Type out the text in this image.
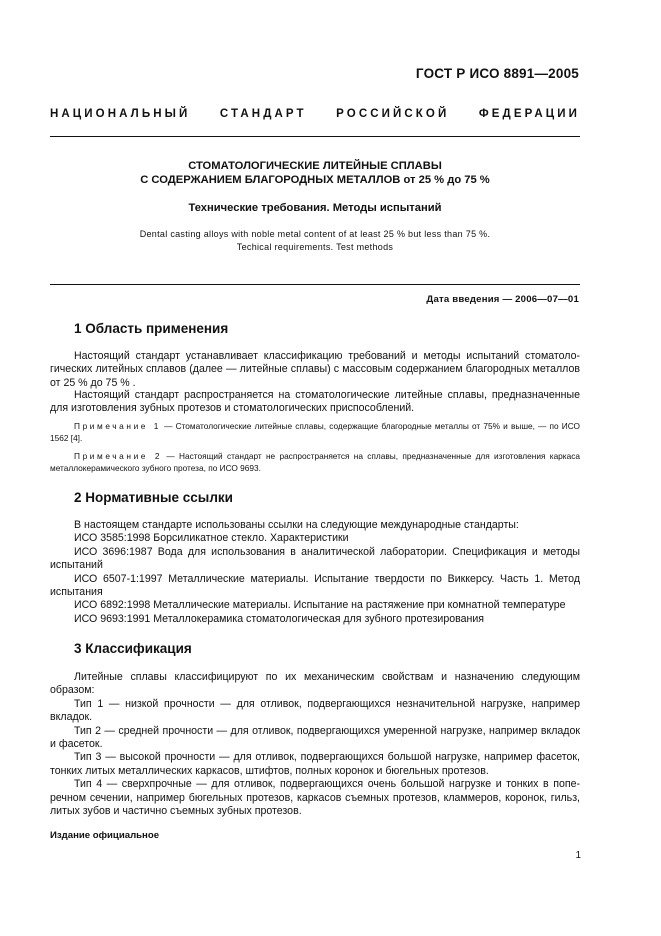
ГОСТ Р ИСО 8891—2005
НАЦИОНАЛЬНЫЙ СТАНДАРТ РОССИЙСКОЙ ФЕДЕРАЦИИ
СТОМАТОЛОГИЧЕСКИЕ ЛИТЕЙНЫЕ СПЛАВЫ
С СОДЕРЖАНИЕМ БЛАГОРОДНЫХ МЕТАЛЛОВ от 25 % до 75 %
Технические требования. Методы испытаний
Dental casting alloys with noble metal content of at least 25 % but less than 75 %.
Techical requirements. Test methods
Дата введения — 2006—07—01
1 Область применения

Настоящий стандарт устанавливает классификацию требований и методы испытаний стоматологических литейных сплавов (далее — литейные сплавы) с массовым содержанием благородных металлов от 25 % до 75 % .

Настоящий стандарт распространяется на стоматологические литейные сплавы, предназначенные для изготовления зубных протезов и стоматологических приспособлений.

Примечание 1 — Стоматологические литейные сплавы, содержащие благородные металлы от 75% и выше, — по ИСО 1562 [4].

Примечание 2 — Настоящий стандарт не распространяется на сплавы, предназначенные для изготовления каркаса металлокерамического зубного протеза, по ИСО 9693.

2 Нормативные ссылки
В настоящем стандарте использованы ссылки на следующие международные стандарты:
ИСО 3585:1998 Борсиликатное стекло. Характеристики
ИСО 3696:1987 Вода для использования в аналитической лаборатории. Спецификация и методы испытаний
ИСО 6507-1:1997 Металлические материалы. Испытание твердости по Виккерсу. Часть 1. Метод испытания
ИСО 6892:1998 Металлические материалы. Испытание на растяжение при комнатной температуре
ИСО 9693:1991 Металлокерамика стоматологическая для зубного протезирования
3 Классификация
Литейные сплавы классифицируют по их механическим свойствам и назначению следующим образом:
Тип 1 — низкой прочности — для отливок, подвергающихся незначительной нагрузке, например вкладок.
Тип 2 — средней прочности — для отливок, подвергающихся умеренной нагрузке, например вкладок и фасеток.
Тип 3 — высокой прочности — для отливок, подвергающихся большой нагрузке, например фасеток, тонких литых металлических каркасов, штифтов, полных коронок и бюгельных протезов.
Тип 4 — сверхпрочные — для отливок, подвергающихся очень большой нагрузке и тонких в поперечном сечении, например бюгельных протезов, каркасов съемных протезов, кламмеров, коронок, гильз, литых зубов и частично съемных зубных протезов.
Издание официальное
1
